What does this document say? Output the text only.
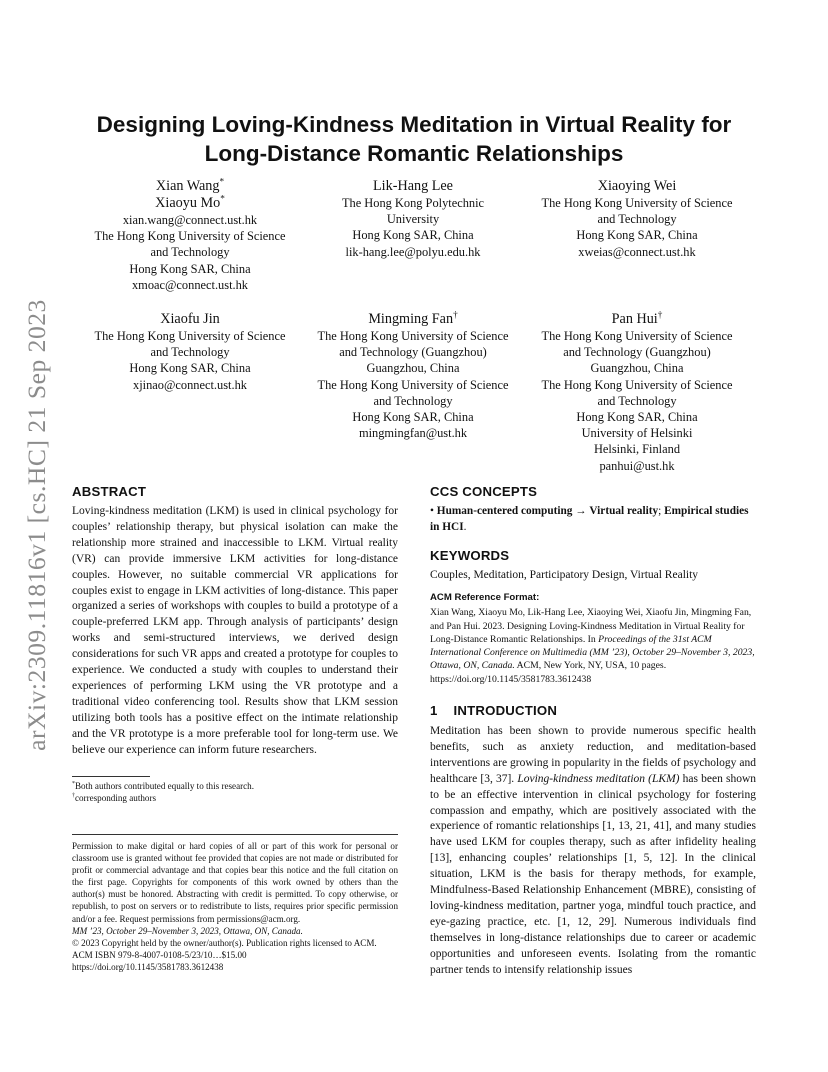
arXiv:2309.11816v1 [cs.HC] 21 Sep 2023
Designing Loving-Kindness Meditation in Virtual Reality for
Long-Distance Romantic Relationships
Xian Wang*
Xiaoyu Mo*
xian.wang@connect.ust.hk
The Hong Kong University of Science
and Technology
Hong Kong SAR, China
xmoac@connect.ust.hk
Lik-Hang Lee
The Hong Kong Polytechnic
University
Hong Kong SAR, China
lik-hang.lee@polyu.edu.hk
Xiaoying Wei
The Hong Kong University of Science
and Technology
Hong Kong SAR, China
xweias@connect.ust.hk
Xiaofu Jin
The Hong Kong University of Science
and Technology
Hong Kong SAR, China
xjinao@connect.ust.hk
Mingming Fan†
The Hong Kong University of Science
and Technology (Guangzhou)
Guangzhou, China
The Hong Kong University of Science
and Technology
Hong Kong SAR, China
mingmingfan@ust.hk
Pan Hui†
The Hong Kong University of Science
and Technology (Guangzhou)
Guangzhou, China
The Hong Kong University of Science
and Technology
Hong Kong SAR, China
University of Helsinki
Helsinki, Finland
panhui@ust.hk
ABSTRACT
Loving-kindness meditation (LKM) is used in clinical psychology for couples’ relationship therapy, but physical isolation can make the relationship more strained and inaccessible to LKM. Virtual reality (VR) can provide immersive LKM activities for long-distance couples. However, no suitable commercial VR applications for couples exist to engage in LKM activities of long-distance. This paper organized a series of workshops with couples to build a prototype of a couple-preferred LKM app. Through analysis of participants’ design works and semi-structured interviews, we derived design considerations for such VR apps and created a prototype for couples to experience. We conducted a study with couples to understand their experiences of performing LKM using the VR prototype and a traditional video conferencing tool. Results show that LKM session utilizing both tools has a positive effect on the intimate relationship and the VR prototype is a more preferable tool for long-term use. We believe our experience can inform future researchers.
*Both authors contributed equally to this research.
†corresponding authors
Permission to make digital or hard copies of all or part of this work for personal or classroom use is granted without fee provided that copies are not made or distributed for profit or commercial advantage and that copies bear this notice and the full citation on the first page. Copyrights for components of this work owned by others than the author(s) must be honored. Abstracting with credit is permitted. To copy otherwise, or republish, to post on servers or to redistribute to lists, requires prior specific permission and/or a fee. Request permissions from permissions@acm.org.
MM ’23, October 29–November 3, 2023, Ottawa, ON, Canada.
© 2023 Copyright held by the owner/author(s). Publication rights licensed to ACM.
ACM ISBN 979-8-4007-0108-5/23/10…$15.00
https://doi.org/10.1145/3581783.3612438
CCS CONCEPTS
• Human-centered computing → Virtual reality; Empirical studies in HCI.
KEYWORDS
Couples, Meditation, Participatory Design, Virtual Reality
ACM Reference Format:
Xian Wang, Xiaoyu Mo, Lik-Hang Lee, Xiaoying Wei, Xiaofu Jin, Mingming Fan, and Pan Hui. 2023. Designing Loving-Kindness Meditation in Virtual Reality for Long-Distance Romantic Relationships. In Proceedings of the 31st ACM International Conference on Multimedia (MM ’23), October 29–November 3, 2023, Ottawa, ON, Canada. ACM, New York, NY, USA, 10 pages. https://doi.org/10.1145/3581783.3612438
1 INTRODUCTION
Meditation has been shown to provide numerous specific health benefits, such as anxiety reduction, and meditation-based interventions are growing in popularity in the fields of psychology and healthcare [3, 37]. Loving-kindness meditation (LKM) has been shown to be an effective intervention in clinical psychology for fostering compassion and empathy, which are positively associated with the experience of romantic relationships [1, 13, 21, 41], and many studies have used LKM for couples therapy, such as after infidelity healing [13], enhancing couples’ relationships [1, 5, 12]. In the clinical situation, LKM is the basis for therapy methods, for example, Mindfulness-Based Relationship Enhancement (MBRE), consisting of loving-kindness meditation, partner yoga, mindful touch practice, and eye-gazing practice, etc. [1, 12, 29]. Numerous individuals find themselves in long-distance relationships due to career or academic opportunities and unforeseen events. Isolating from the romantic partner tends to intensify relationship issues
